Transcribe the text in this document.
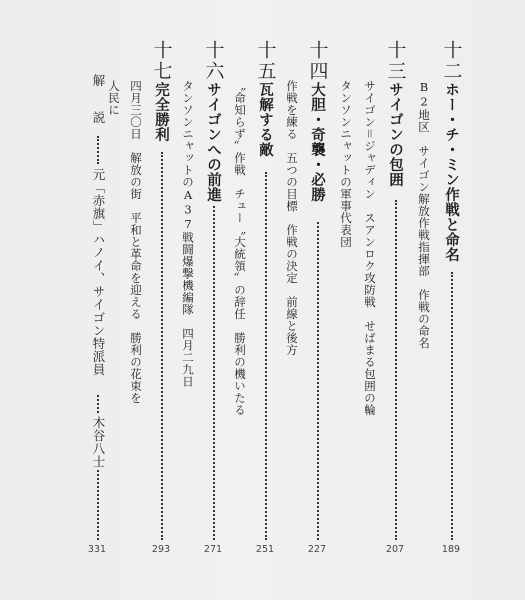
十二
ホー・チ・ミン作戦と命名
189
B2地区　サイゴン解放作戦指揮部　作戦の命名
十三
サイゴンの包囲
207
サイゴン＝ジャディン　スアンロク攻防戦　せばまる包囲の輪
タンソンニャットの軍事代表団
十四
大胆・奇襲・必勝
227
作戦を練る　五つの目標　作戦の決定　前線と後方
十五
瓦解する敵
251
〝命知らず〟作戦　チュー〝大統領〟の辞任　勝利の機いたる
十六
サイゴンへの前進
271
タンソンニャットのA37戦闘爆撃機編隊　四月二九日
十七
完全勝利
293
四月三〇日　解放の街　平和と革命を迎える　勝利の花束を
人民に
解　説
元「赤旗」ハノイ、サイゴン特派員
木谷八士
331
